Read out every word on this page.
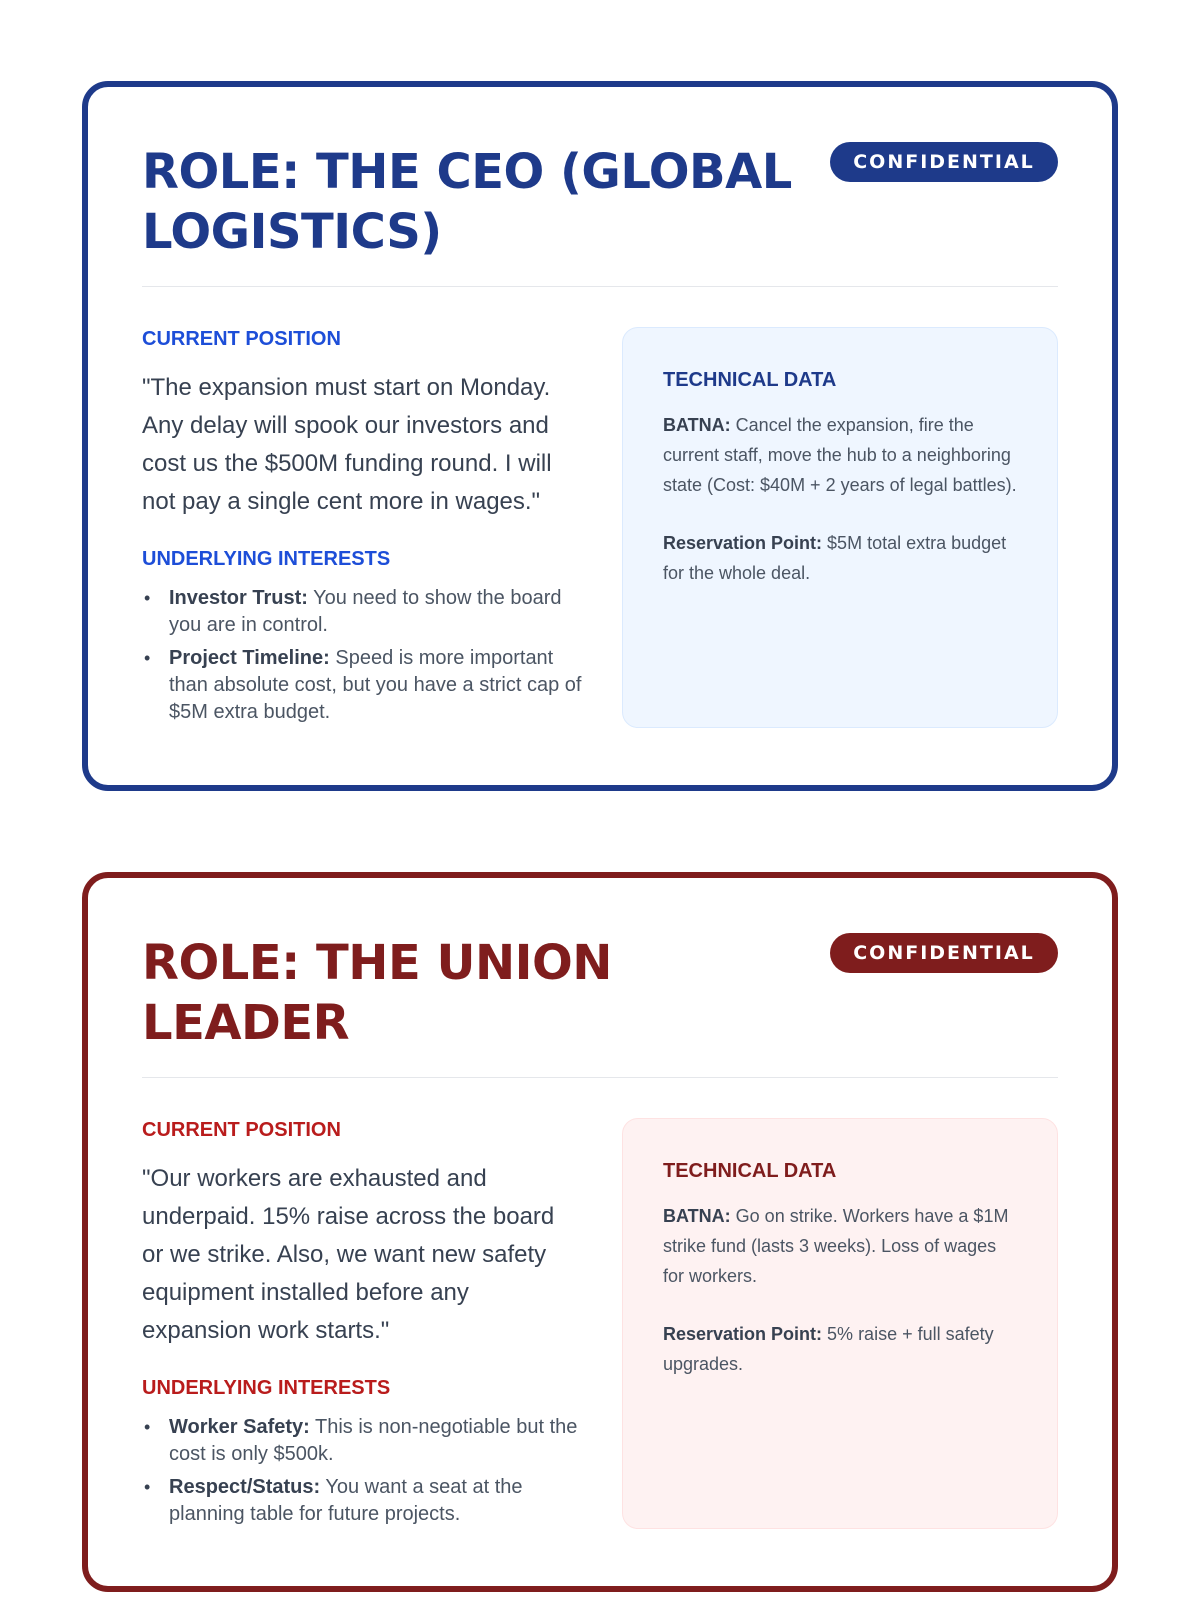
ROLE: THE CEO (GLOBAL LOGISTICS)
CONFIDENTIAL
CURRENT POSITION

"The expansion must start on Monday. Any delay will spook our investors and cost us the $500M funding round. I will not pay a single cent more in wages."

UNDERLYING INTERESTS
• Investor Trust: You need to show the board you are in control.
• Project Timeline: Speed is more important than absolute cost, but you have a strict cap of $5M extra budget.
TECHNICAL DATA

BATNA: Cancel the expansion, fire the current staff, move the hub to a neighboring state (Cost: $40M + 2 years of legal battles).

Reservation Point: $5M total extra budget for the whole deal.

ROLE: THE UNION LEADER
CONFIDENTIAL
CURRENT POSITION

"Our workers are exhausted and underpaid. 15% raise across the board or we strike. Also, we want new safety equipment installed before any expansion work starts."

UNDERLYING INTERESTS
• Worker Safety: This is non-negotiable but the cost is only $500k.
• Respect/Status: You want a seat at the planning table for future projects.
TECHNICAL DATA

BATNA: Go on strike. Workers have a $1M strike fund (lasts 3 weeks). Loss of wages for workers.

Reservation Point: 5% raise + full safety upgrades.
